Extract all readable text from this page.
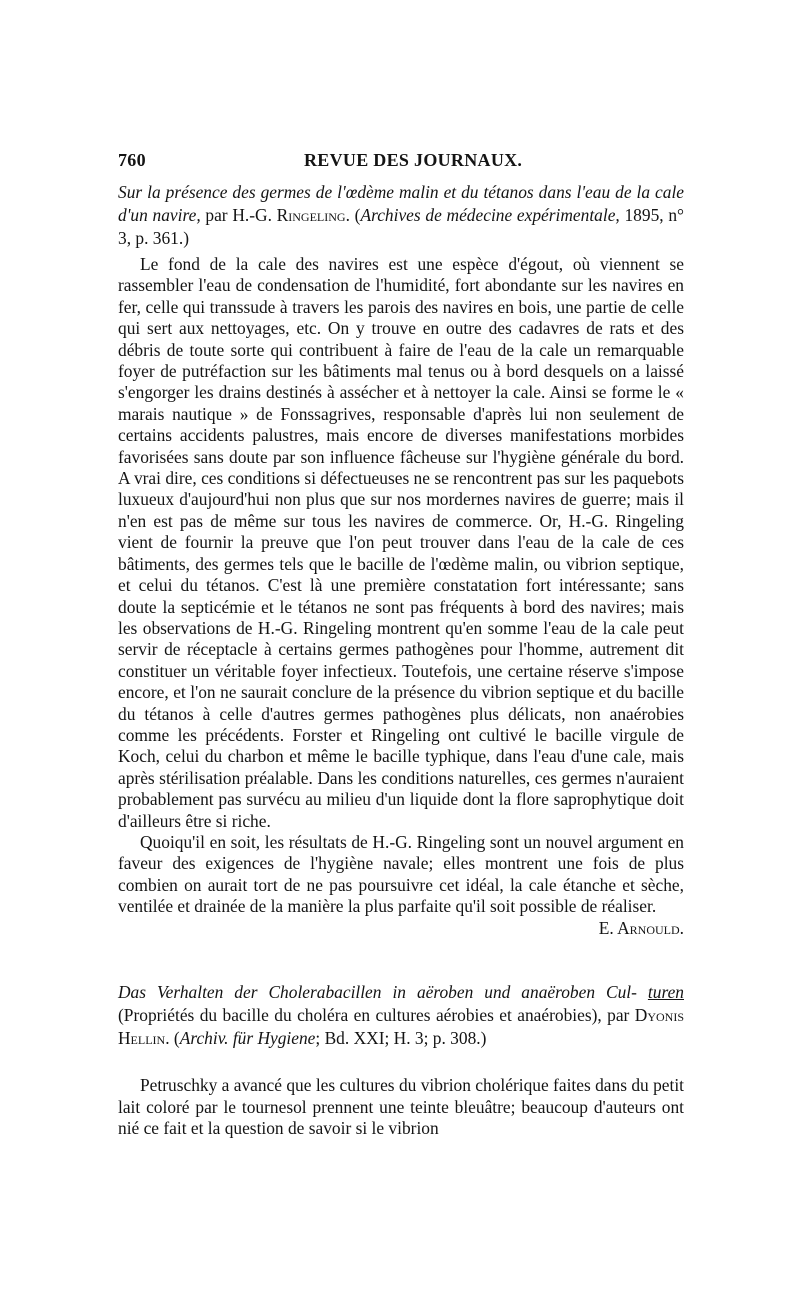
760	REVUE DES JOURNAUX.
Sur la présence des germes de l'œdème malin et du tétanos dans l'eau de la cale d'un navire, par H.-G. Ringeling. (Archives de médecine expérimentale, 1895, n° 3, p. 361.)

Le fond de la cale des navires est une espèce d'égout, où viennent se rassembler l'eau de condensation de l'humidité, fort abondante sur les navires en fer, celle qui transsude à travers les parois des navires en bois, une partie de celle qui sert aux nettoyages, etc. On y trouve en outre des cadavres de rats et des débris de toute sorte qui contribuent à faire de l'eau de la cale un remarquable foyer de putréfaction sur les bâtiments mal tenus ou à bord desquels on a laissé s'engorger les drains destinés à assécher et à nettoyer la cale. Ainsi se forme le « marais nautique » de Fonssagrives, responsable d'après lui non seulement de certains accidents palustres, mais encore de diverses manifestations morbides favorisées sans doute par son influence fâcheuse sur l'hygiène générale du bord. A vrai dire, ces conditions si défectueuses ne se rencontrent pas sur les paquebots luxueux d'aujourd'hui non plus que sur nos mordernes navires de guerre; mais il n'en est pas de même sur tous les navires de commerce. Or, H.-G. Ringeling vient de fournir la preuve que l'on peut trouver dans l'eau de la cale de ces bâtiments, des germes tels que le bacille de l'œdème malin, ou vibrion septique, et celui du tétanos. C'est là une première constatation fort intéressante; sans doute la septicémie et le tétanos ne sont pas fréquents à bord des navires; mais les observations de H.-G. Ringeling montrent qu'en somme l'eau de la cale peut servir de réceptacle à certains germes pathogènes pour l'homme, autrement dit constituer un véritable foyer infectieux. Toutefois, une certaine réserve s'impose encore, et l'on ne saurait conclure de la présence du vibrion septique et du bacille du tétanos à celle d'autres germes pathogènes plus délicats, non anaérobies comme les précédents. Forster et Ringeling ont cultivé le bacille virgule de Koch, celui du charbon et même le bacille typhique, dans l'eau d'une cale, mais après stérilisation préalable. Dans les conditions naturelles, ces germes n'auraient probablement pas survécu au milieu d'un liquide dont la flore saprophytique doit d'ailleurs être si riche.

Quoiqu'il en soit, les résultats de H.-G. Ringeling sont un nouvel argument en faveur des exigences de l'hygiène navale; elles montrent une fois de plus combien on aurait tort de ne pas poursuivre cet idéal, la cale étanche et sèche, ventilée et drainée de la manière la plus parfaite qu'il soit possible de réaliser.

E. Arnould.
Das Verhalten der Cholerabacillen in aëroben und anaëroben Cul- turen (Propriétés du bacille du choléra en cultures aérobies et anaérobies), par Dyonis Hellin. (Archiv. für Hygiene; Bd. XXI; H. 3; p. 308.)

Petruschky a avancé que les cultures du vibrion cholérique faites dans du petit lait coloré par le tournesol prennent une teinte bleuâtre; beaucoup d'auteurs ont nié ce fait et la question de savoir si le vibrion
